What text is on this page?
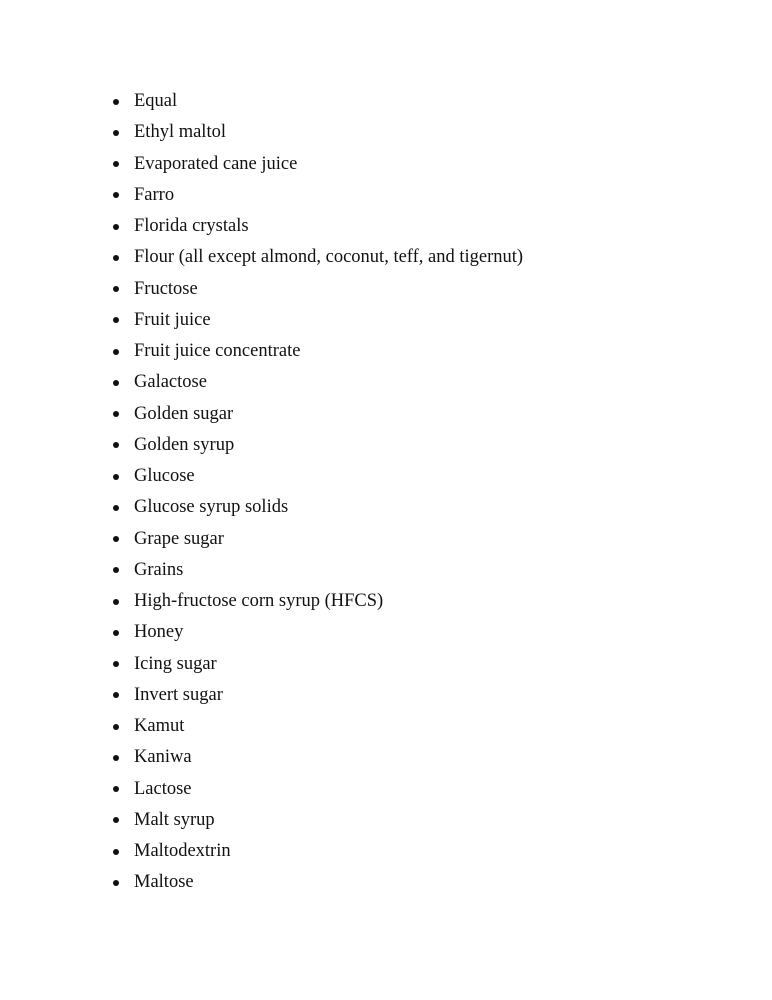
Equal
Ethyl maltol
Evaporated cane juice
Farro
Florida crystals
Flour (all except almond, coconut, teff, and tigernut)
Fructose
Fruit juice
Fruit juice concentrate
Galactose
Golden sugar
Golden syrup
Glucose
Glucose syrup solids
Grape sugar
Grains
High-fructose corn syrup (HFCS)
Honey
Icing sugar
Invert sugar
Kamut
Kaniwa
Lactose
Malt syrup
Maltodextrin
Maltose
